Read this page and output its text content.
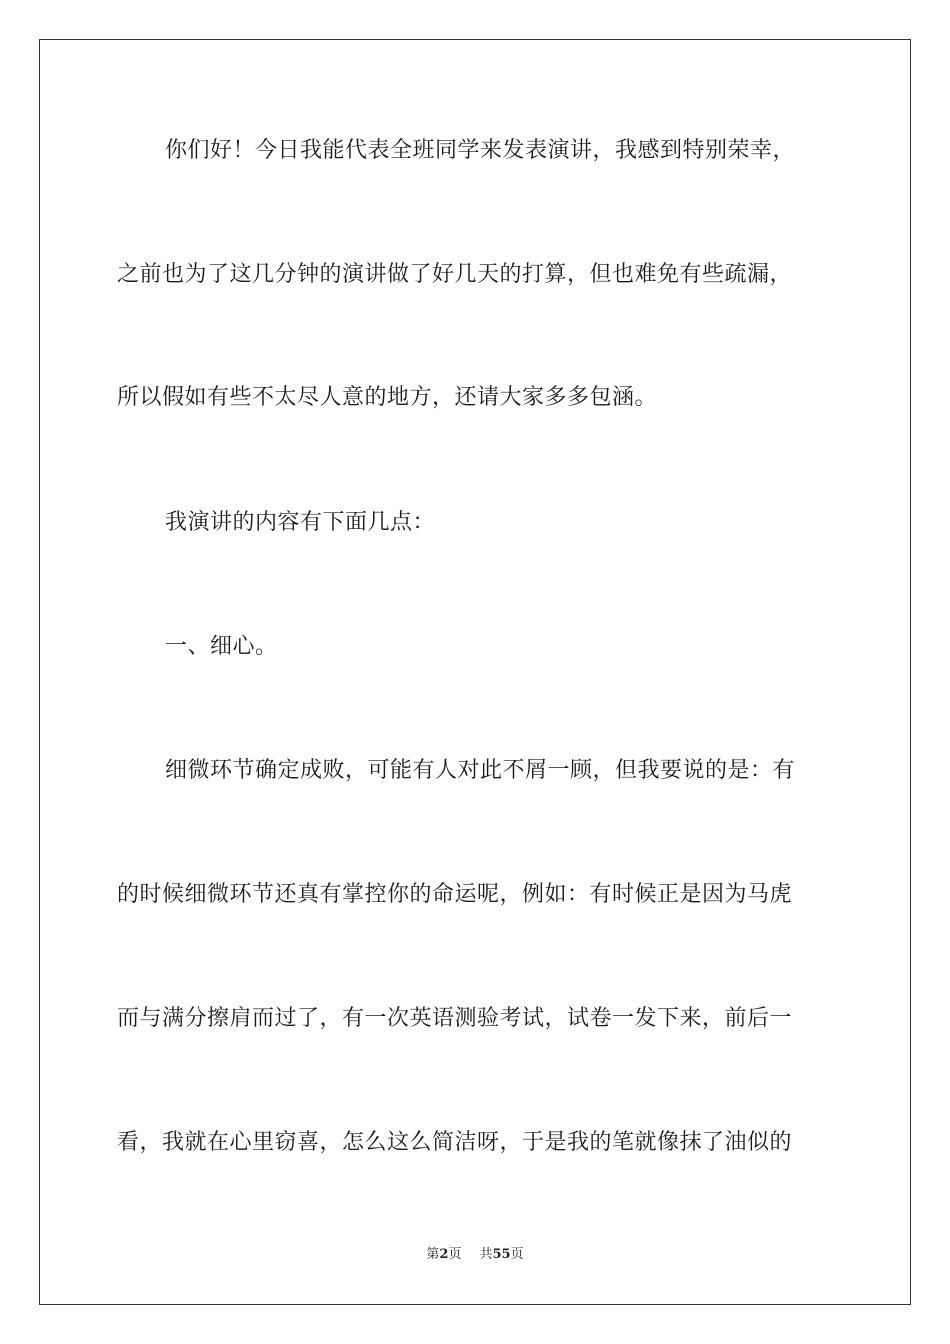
你们好！今日我能代表全班同学来发表演讲，我感到特别荣幸，
之前也为了这几分钟的演讲做了好几天的打算，但也难免有些疏漏，
所以假如有些不太尽人意的地方，还请大家多多包涵。
我演讲的内容有下面几点：
一、细心。
细微环节确定成败，可能有人对此不屑一顾，但我要说的是：有
的时候细微环节还真有掌控你的命运呢，例如：有时候正是因为马虎
而与满分擦肩而过了，有一次英语测验考试，试卷一发下来，前后一
看，我就在心里窃喜，怎么这么简洁呀，于是我的笔就像抹了油似的
第2页 共55页
